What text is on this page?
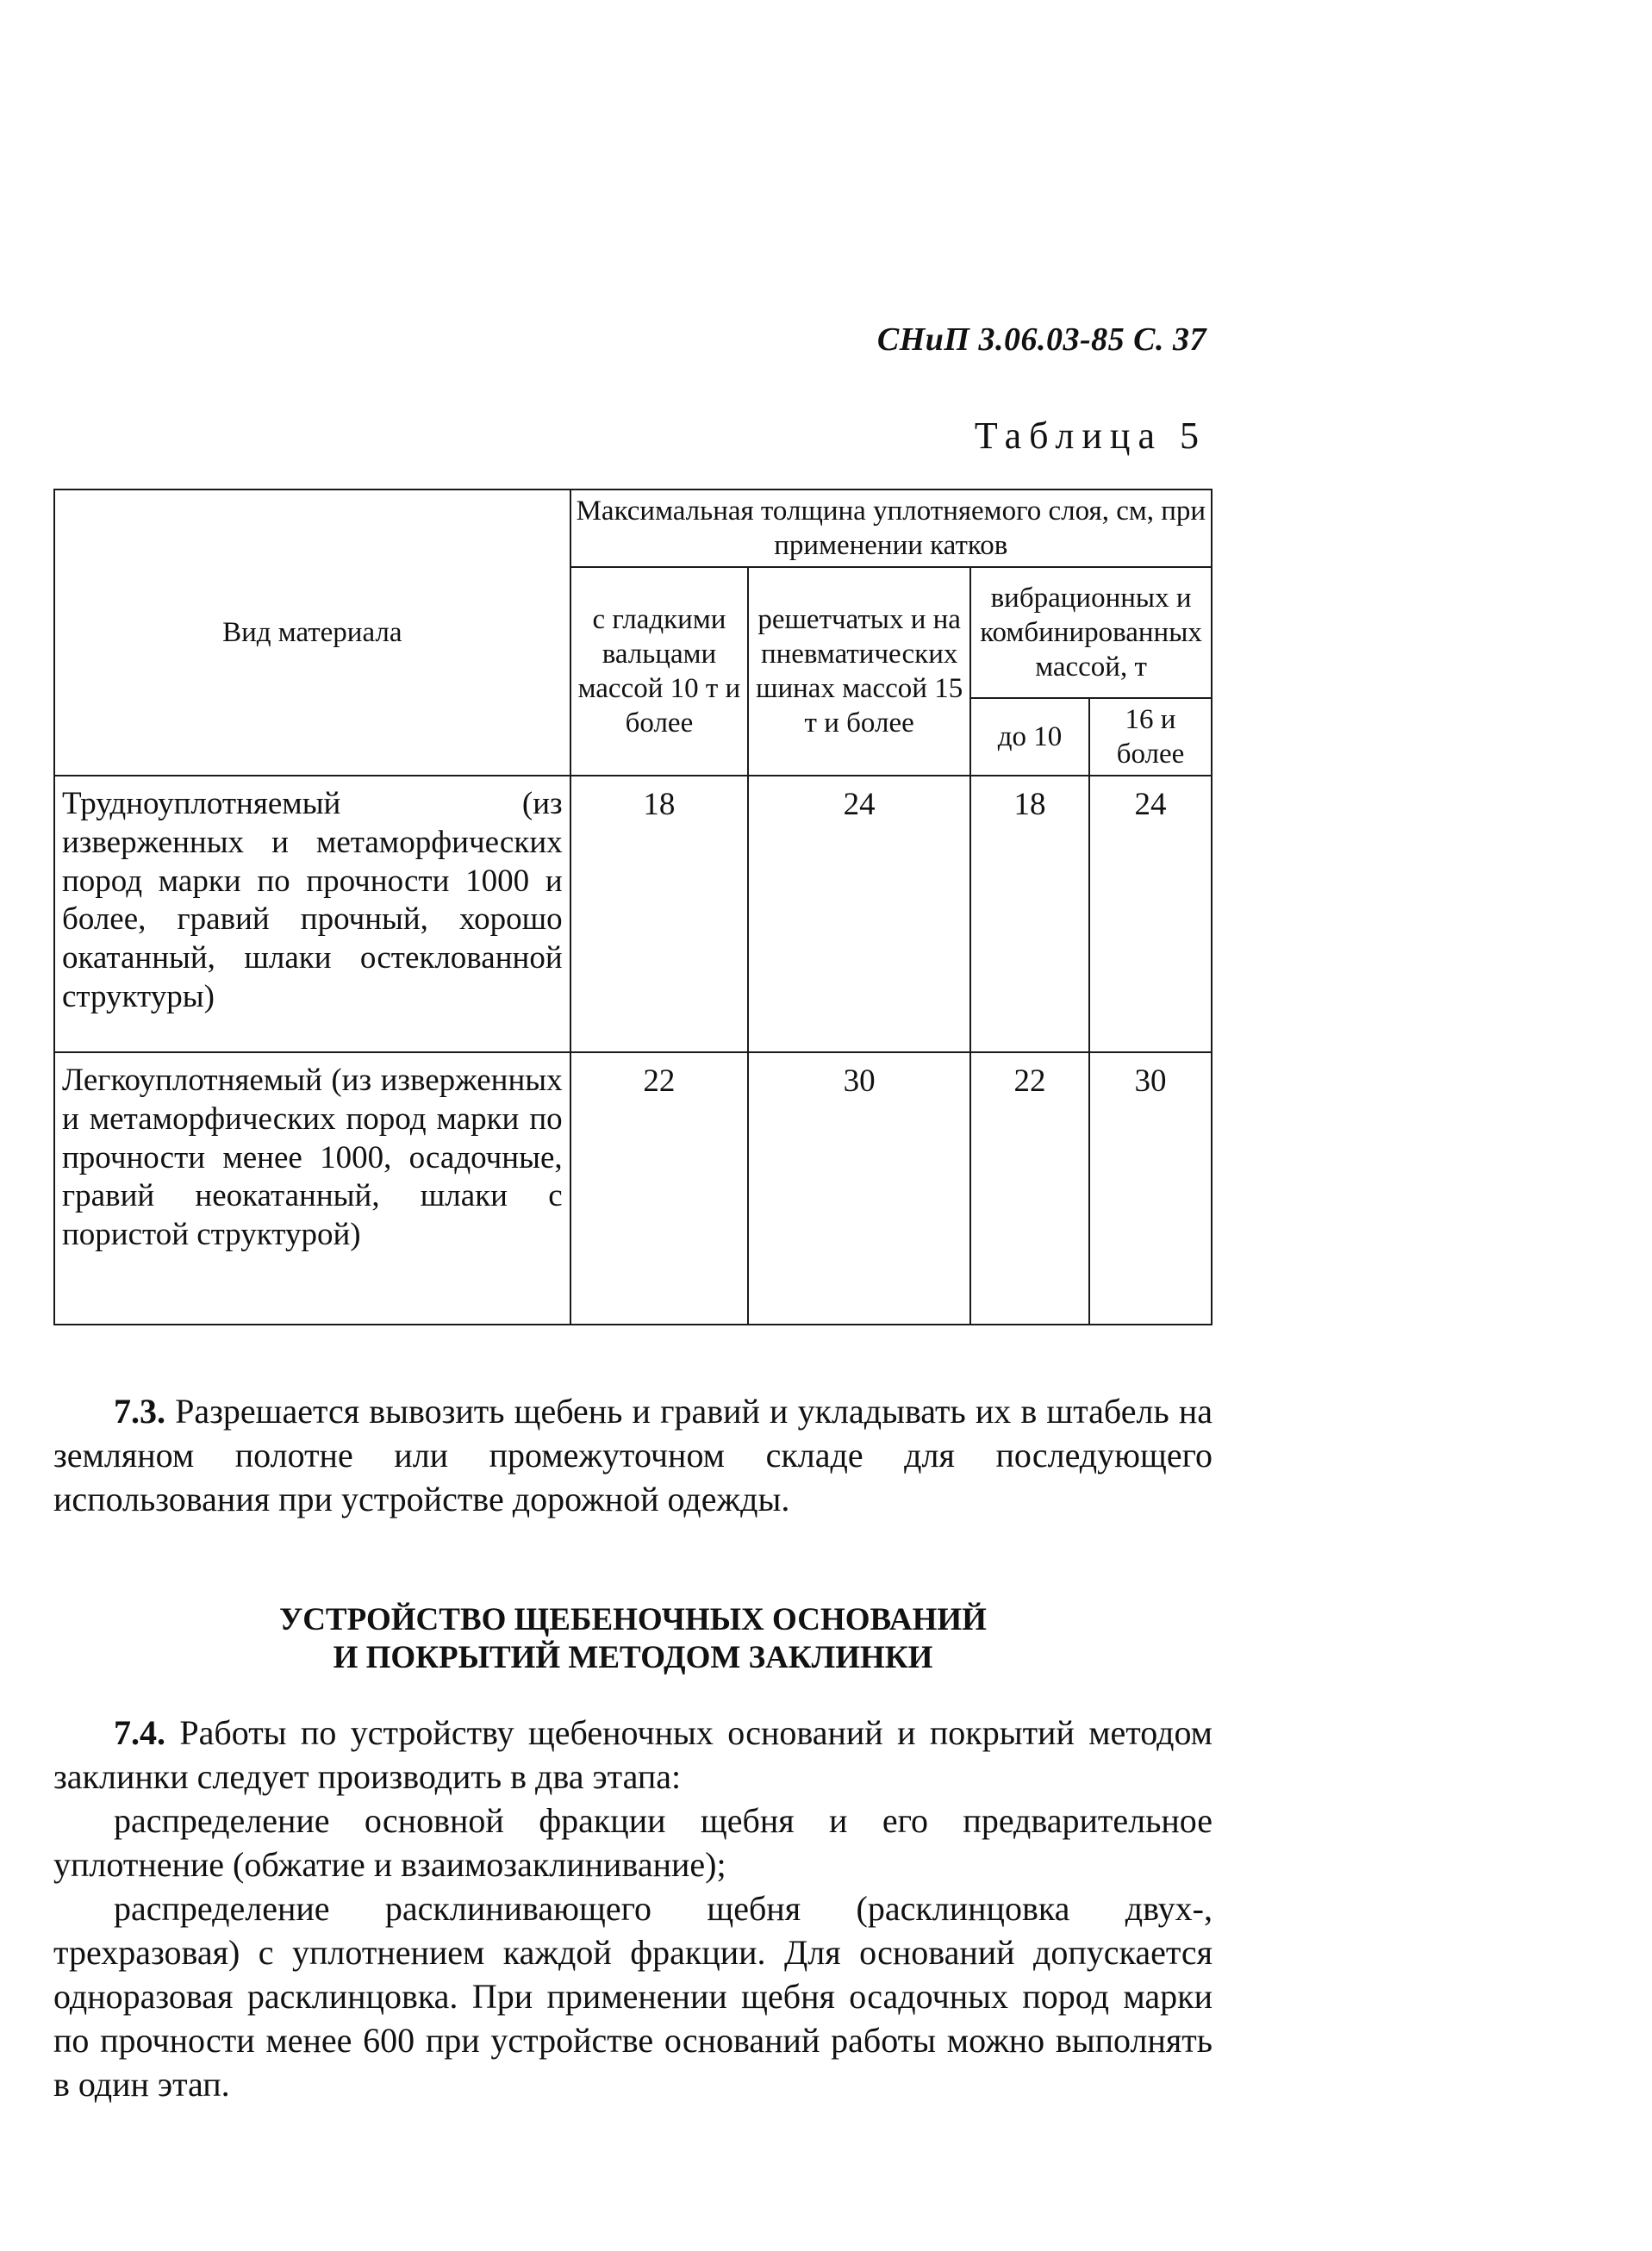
СНиП 3.06.03-85 С. 37
Таблица 5
Вид материала	Максимальная толщина уплотняемого слоя, см, при применении катков			
	с гладкими вальцами массой 10 т и более	решетчатых и на пневматических шинах массой 15 т и более	вибрационных и комбинированных массой, т	
			до 10	16 и более
Трудноуплотняемый (из изверженных и метаморфических пород марки по прочности 1000 и более, гравий прочный, хорошо окатанный, шлаки остеклованной структуры)	18	24	18	24
Легкоуплотняемый (из изверженных и метаморфических пород марки по прочности менее 1000, осадочные, гравий неокатанный, шлаки с пористой структурой)	22	30	22	30

7.3. Разрешается вывозить щебень и гравий и укладывать их в штабель на земляном полотне или промежуточном складе для последующего использования при устройстве дорожной одежды.

УСТРОЙСТВО ЩЕБЕНОЧНЫХ ОСНОВАНИЙ
И ПОКРЫТИЙ МЕТОДОМ ЗАКЛИНКИ

7.4. Работы по устройству щебеночных оснований и покрытий методом заклинки следует производить в два этапа:

распределение основной фракции щебня и его предварительное уплотнение (обжатие и взаимозаклинивание);

распределение расклинивающего щебня (расклинцовка двух-, трехразовая) с уплотнением каждой фракции. Для оснований допускается одноразовая расклинцовка. При применении щебня осадочных пород марки по прочности менее 600 при устройстве оснований работы можно выполнять в один этап.
